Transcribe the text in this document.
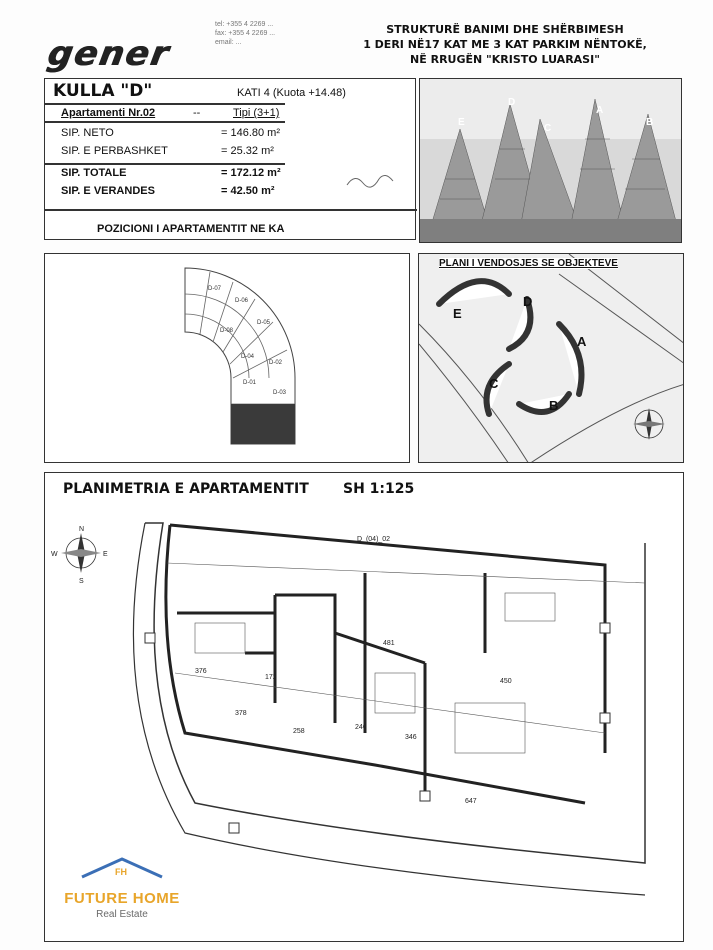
gener
tel: +355 4 2269 ...
fax: +355 4 2269 ...
email: ...
STRUKTURË BANIMI DHE SHËRBIMESH
1 DERI NË17 KAT ME 3 KAT PARKIM NËNTOKË,
NË RRUGËN "KRISTO LUARASI"
KULLA "D"	KATI 4 (Kuota +14.48)
Apartamenti Nr.02	--	Tipi (3+1)
SIP. NETO	= 146.80 m²
SIP. E PERBASHKET	= 25.32 m²
SIP. TOTALE	= 172.12 m²
SIP. E VERANDES	= 42.50 m²
POZICIONI I APARTAMENTIT NE KA
E
D
C
A
B
D-07
D-06
D-05
D-08
D-04
D-02
D-01
D-03
PLANI I VENDOSJES SE OBJEKTEVE
E
D
A
C
B
PLANIMETRIA E APARTAMENTIT SH 1:125
N
E
S
W
D_(04)_02
376
172
481
246
450
647
378
258
346
FH
FUTURE HOME
Real Estate
